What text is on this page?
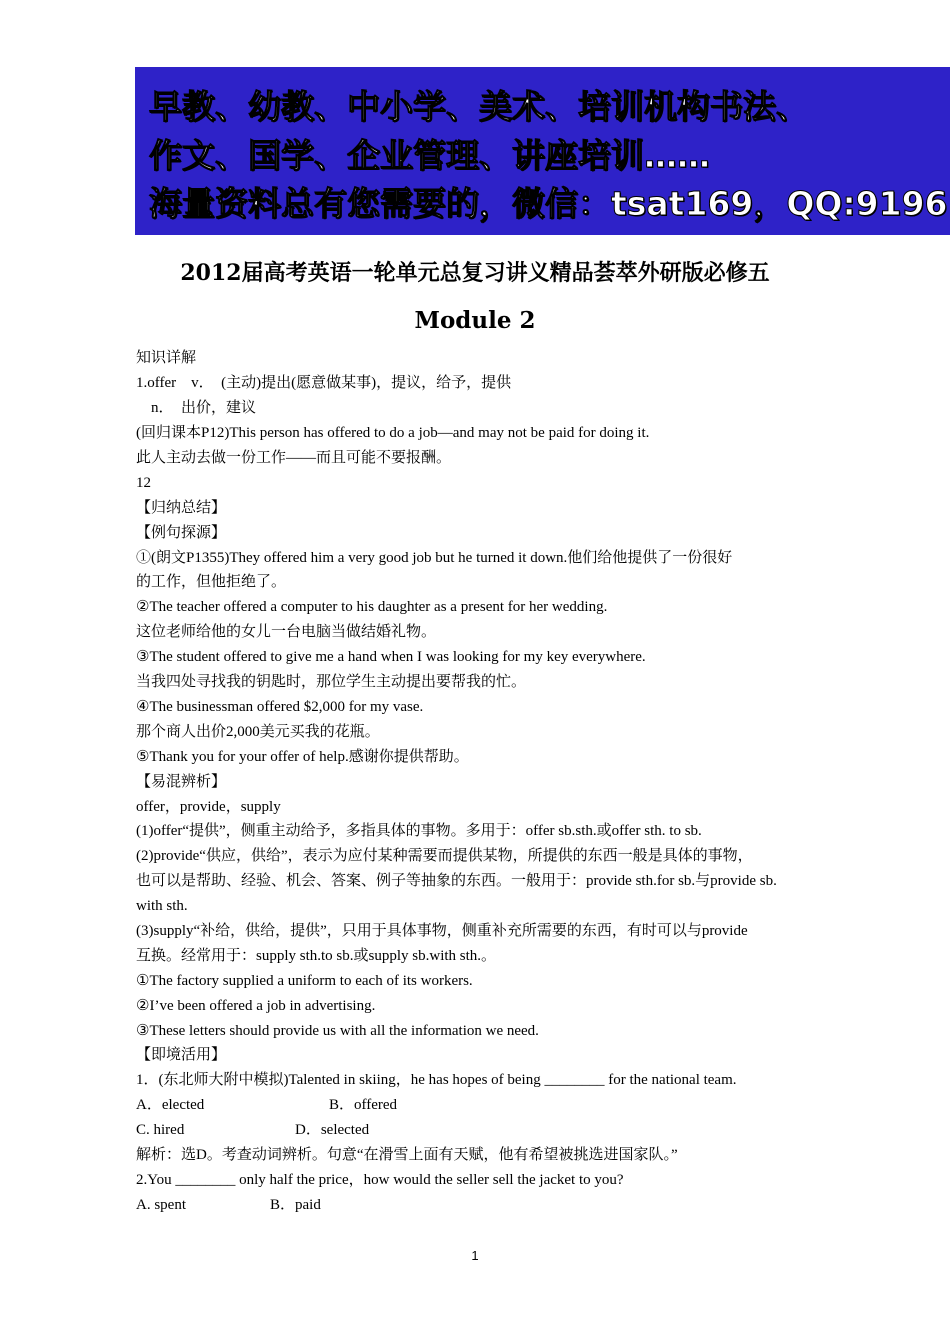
早教、幼教、中小学、美术、培训机构书法、
作文、国学、企业管理、讲座培训……
海量资料总有您需要的，微信：tsat169，QQ:9196
2012届高考英语一轮单元总复习讲义精品荟萃外研版必修五
Module 2
知识详解
1.offer　v．　(主动)提出(愿意做某事)，提议，给予，提供
　n．　出价，建议
(回归课本P12)This person has offered to do a job—and may not be paid for doing it.
此人主动去做一份工作——而且可能不要报酬。
12
【归纳总结】
【例句探源】
①(朗文P1355)They offered him a very good job but he turned it down.他们给他提供了一份很好
的工作，但他拒绝了。
②The teacher offered a computer to his daughter as a present for her wedding.
这位老师给他的女儿一台电脑当做结婚礼物。
③The student offered to give me a hand when I was looking for my key everywhere.
当我四处寻找我的钥匙时，那位学生主动提出要帮我的忙。
④The businessman offered $2,000 for my vase.
那个商人出价2,000美元买我的花瓶。
⑤Thank you for your offer of help.感谢你提供帮助。
【易混辨析】
offer，provide，supply
(1)offer“提供”，侧重主动给予，多指具体的事物。多用于：offer sb.sth.或offer sth. to sb.
(2)provide“供应，供给”，表示为应付某种需要而提供某物，所提供的东西一般是具体的事物，
也可以是帮助、经验、机会、答案、例子等抽象的东西。一般用于：provide sth.for sb.与provide sb.
with sth.
(3)supply“补给，供给，提供”，只用于具体事物，侧重补充所需要的东西，有时可以与provide
互换。经常用于：supply sth.to sb.或supply sb.with sth.。
①The factory supplied a uniform to each of its workers.
②I’ve been offered a job in advertising.
③These letters should provide us with all the information we need.
【即境活用】
1．(东北师大附中模拟)Talented in skiing，he has hopes of being ________ for the national team.
A．elected	B．offered
C. hired	D．selected
解析：选D。考查动词辨析。句意“在滑雪上面有天赋，他有希望被挑选进国家队。”
2.You ________ only half the price，how would the seller sell the jacket to you?
A. spent	B．paid
1
